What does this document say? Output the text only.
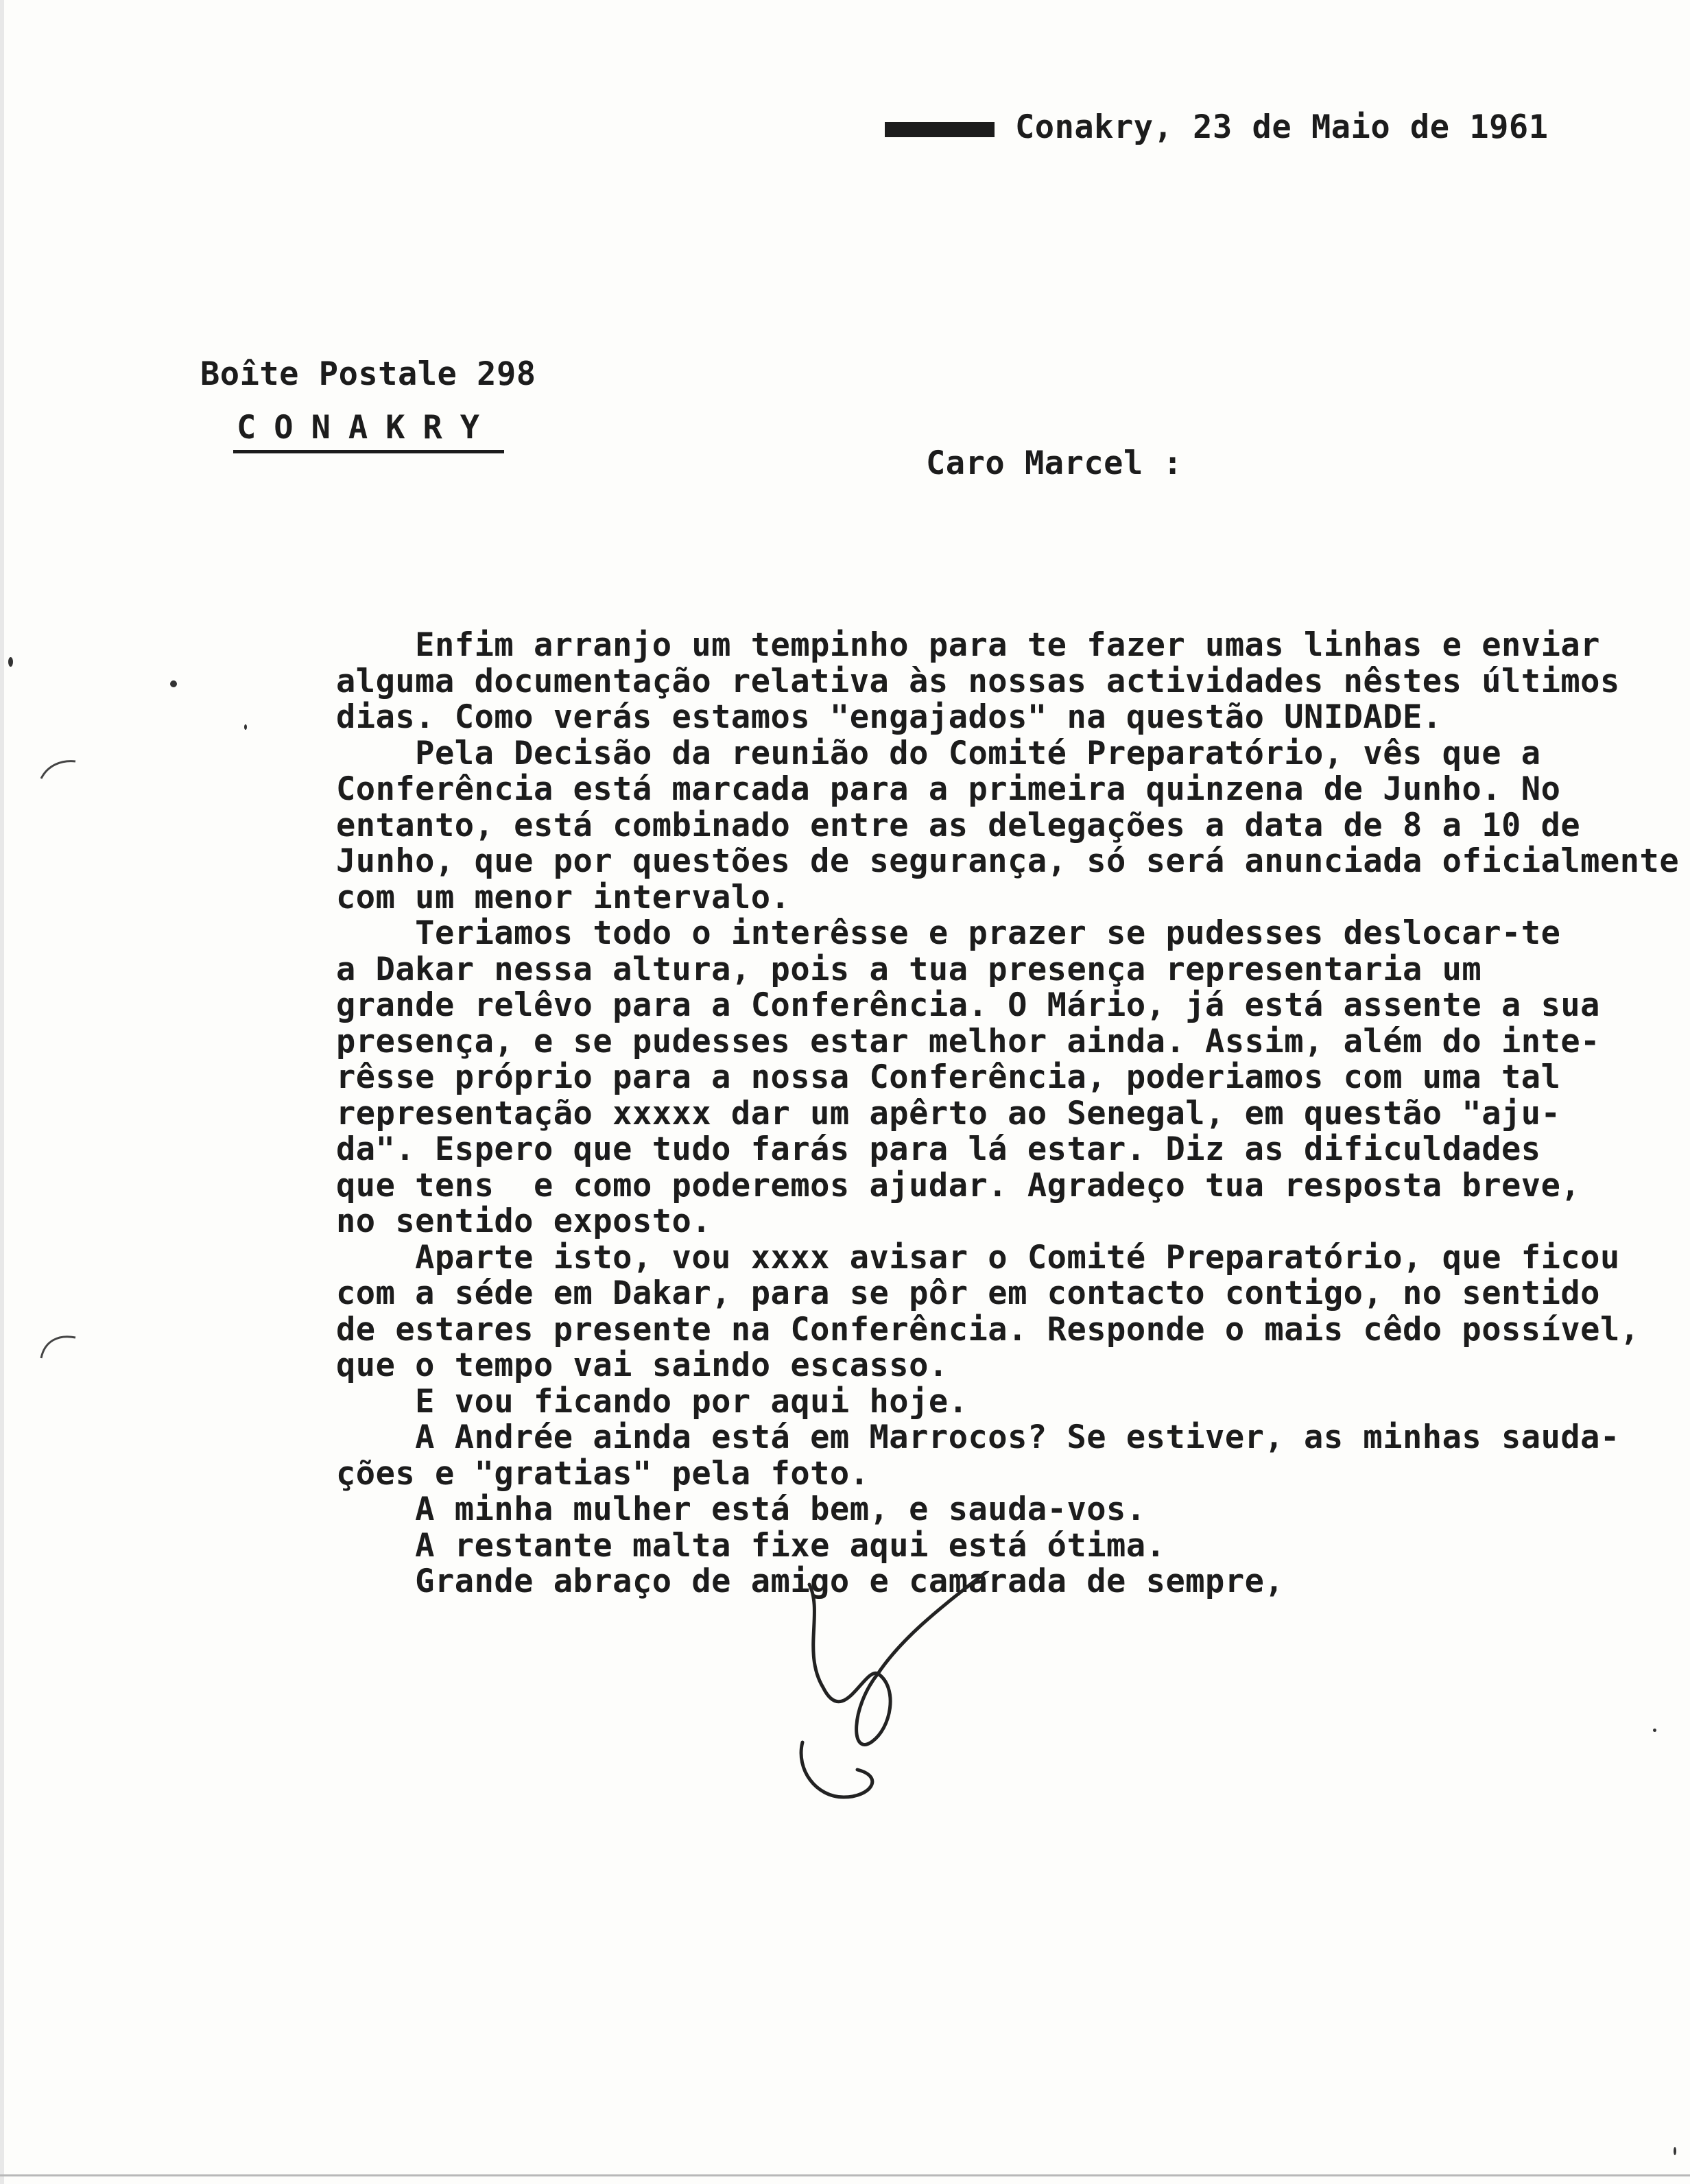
Conakry, 23 de Maio de 1961
Boîte Postale 298
CONAKRY
Caro Marcel :
Enfim arranjo um tempinho para te fazer umas linhas e enviar
alguma documentação relativa às nossas actividades nêstes últimos
dias. Como verás estamos "engajados" na questão UNIDADE.
Pela Decisão da reunião do Comité Preparatório, vês que a
Conferência está marcada para a primeira quinzena de Junho. No
entanto, está combinado entre as delegações a data de 8 a 10 de
Junho, que por questões de segurança, só será anunciada oficialmente
com um menor intervalo.
Teriamos todo o interêsse e prazer se pudesses deslocar-te
a Dakar nessa altura, pois a tua presença representaria um
grande relêvo para a Conferência. O Mário, já está assente a sua
presença, e se pudesses estar melhor ainda. Assim, além do inte-
rêsse próprio para a nossa Conferência, poderiamos com uma tal
representação xxxxx dar um apêrto ao Senegal, em questão "aju-
da". Espero que tudo farás para lá estar. Diz as dificuldades
que tens  e como poderemos ajudar. Agradeço tua resposta breve,
no sentido exposto.
Aparte isto, vou xxxx avisar o Comité Preparatório, que ficou
com a séde em Dakar, para se pôr em contacto contigo, no sentido
de estares presente na Conferência. Responde o mais cêdo possível,
que o tempo vai saindo escasso.
E vou ficando por aqui hoje.
A Andrée ainda está em Marrocos? Se estiver, as minhas sauda-
ções e "gratias" pela foto.
A minha mulher está bem, e sauda-vos.
A restante malta fixe aqui está ótima.
Grande abraço de amigo e camarada de sempre,
